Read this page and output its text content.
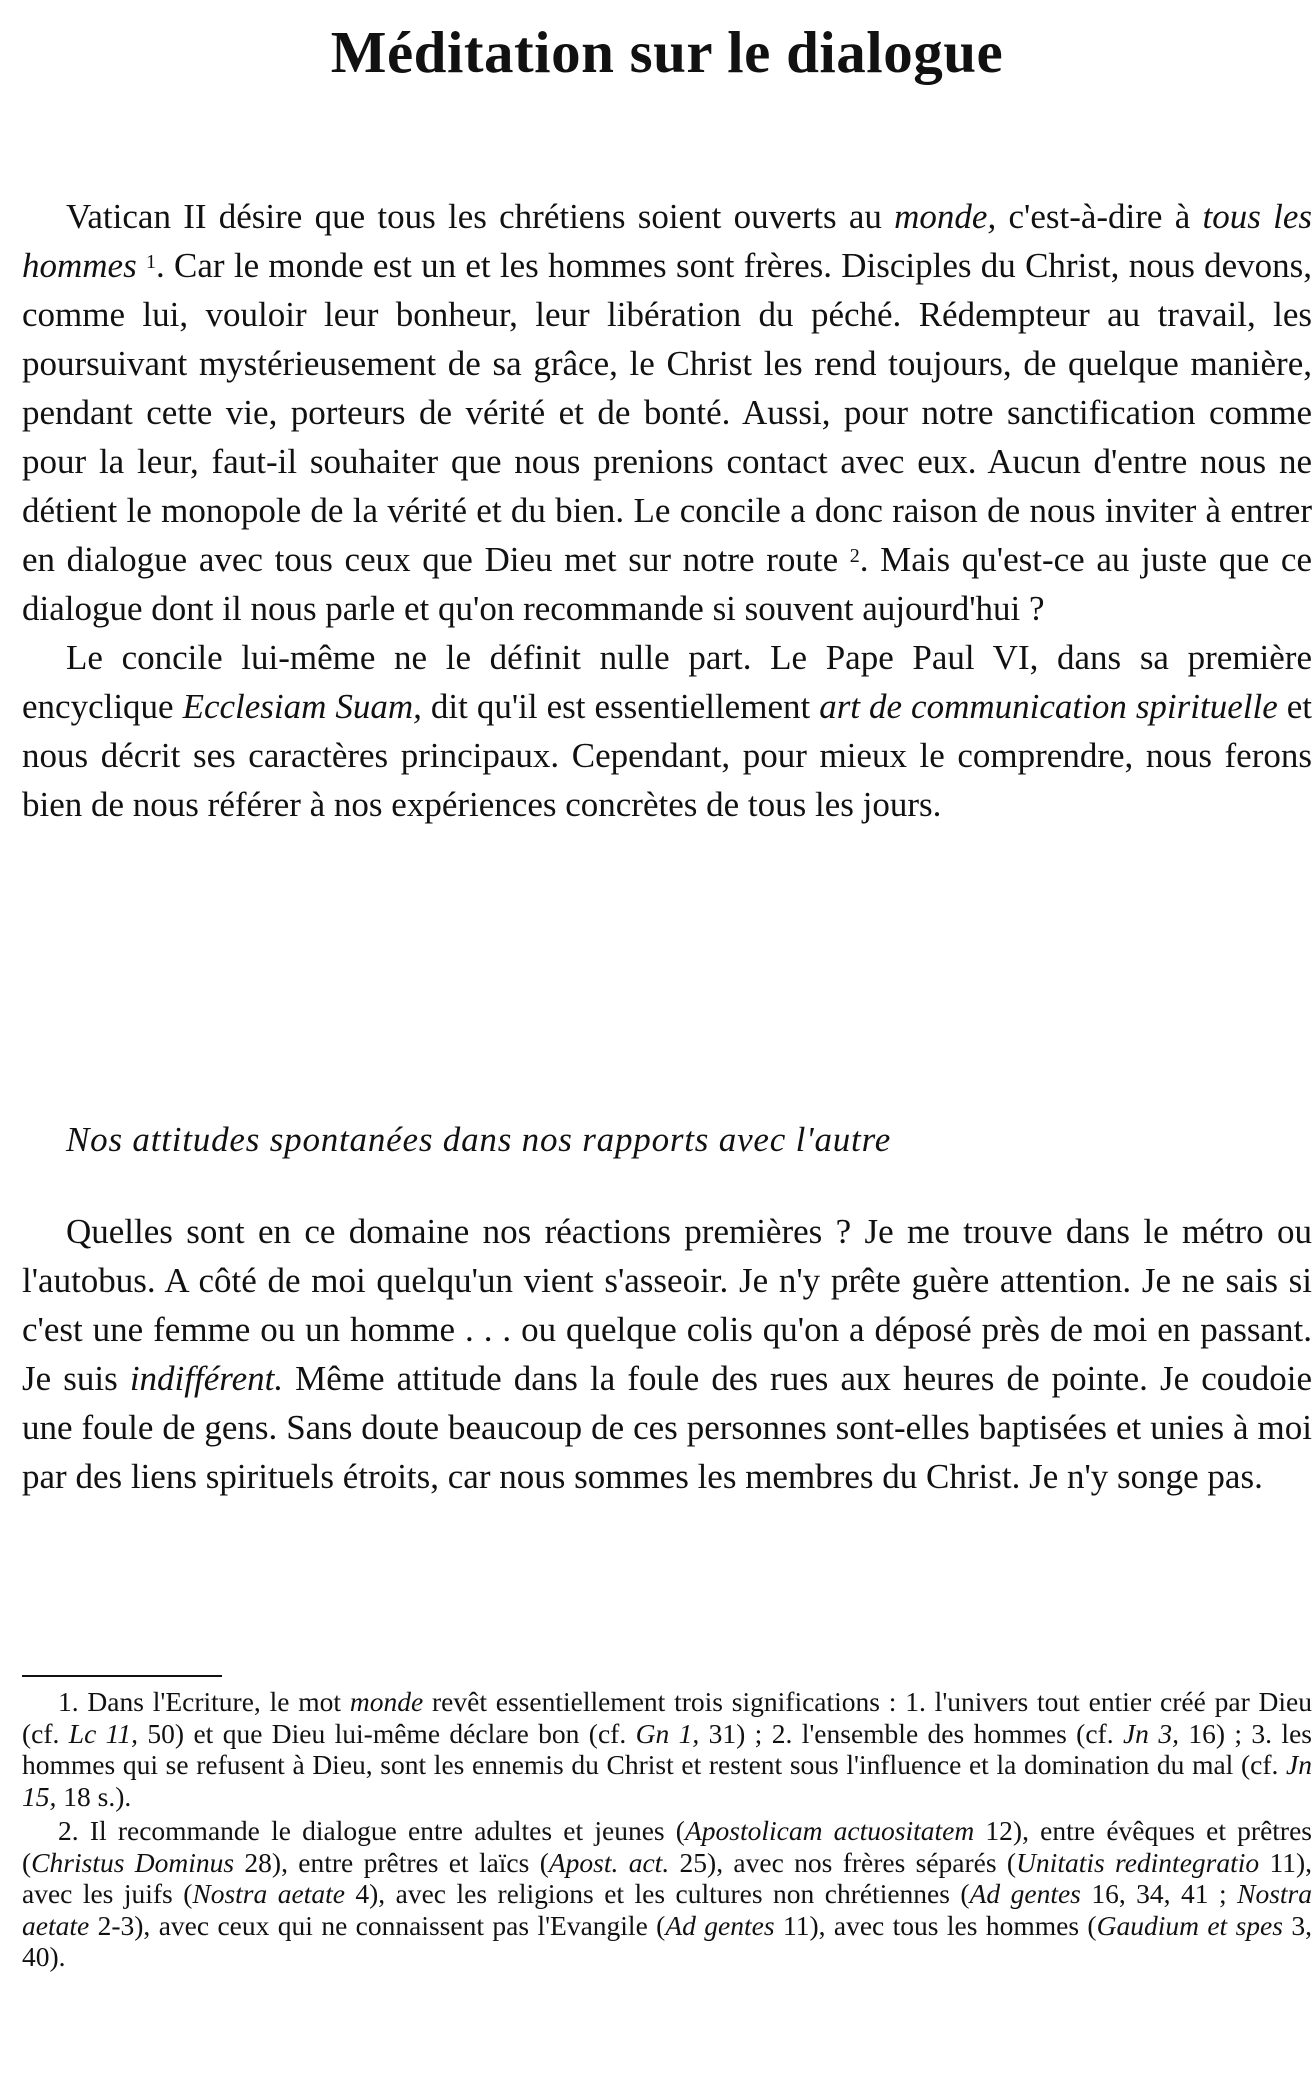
Méditation sur le dialogue

Vatican II désire que tous les chrétiens soient ouverts au monde, c'est-à-dire à tous les hommes $^1$. Car le monde est un et les hommes sont frères. Disciples du Christ, nous devons, comme lui, vouloir leur bonheur, leur libération du péché. Rédempteur au travail, les poursuivant mystérieusement de sa grâce, le Christ les rend toujours, de quelque manière, pendant cette vie, porteurs de vérité et de bonté. Aussi, pour notre sanctification comme pour la leur, faut-il souhaiter que nous prenions contact avec eux. Aucun d'entre nous ne détient le monopole de la vérité et du bien. Le concile a donc raison de nous inviter à entrer en dialogue avec tous ceux que Dieu met sur notre route $^2$. Mais qu'est-ce au juste que ce dialogue dont il nous parle et qu'on recommande si souvent aujourd'hui ?

Le concile lui-même ne le définit nulle part. Le Pape Paul VI, dans sa première encyclique Ecclesiam Suam, dit qu'il est essentiellement art de communication spirituelle et nous décrit ses caractères principaux. Cependant, pour mieux le comprendre, nous ferons bien de nous référer à nos expériences concrètes de tous les jours.

Nos attitudes spontanées dans nos rapports avec l'autre

Quelles sont en ce domaine nos réactions premières ? Je me trouve dans le métro ou l'autobus. A côté de moi quelqu'un vient s'asseoir. Je n'y prête guère attention. Je ne sais si c'est une femme ou un homme . . . ou quelque colis qu'on a déposé près de moi en passant. Je suis indifférent. Même attitude dans la foule des rues aux heures de pointe. Je coudoie une foule de gens. Sans doute beaucoup de ces personnes sont-elles baptisées et unies à moi par des liens spirituels étroits, car nous sommes les membres du Christ. Je n'y songe pas.

1. Dans l'Ecriture, le mot monde revêt essentiellement trois significations : 1. l'univers tout entier créé par Dieu (cf. Lc 11, 50) et que Dieu lui-même déclare bon (cf. Gn 1, 31) ; 2. l'ensemble des hommes (cf. Jn 3, 16) ; 3. les hommes qui se refusent à Dieu, sont les ennemis du Christ et restent sous l'influence et la domination du mal (cf. Jn 15, 18 s.).

2. Il recommande le dialogue entre adultes et jeunes (Apostolicam actuositatem 12), entre évêques et prêtres (Christus Dominus 28), entre prêtres et laïcs (Apost. act. 25), avec nos frères séparés (Unitatis redintegratio 11), avec les juifs (Nostra aetate 4), avec les religions et les cultures non chrétiennes (Ad gentes 16, 34, 41 ; Nostra aetate 2-3), avec ceux qui ne connaissent pas l'Evangile (Ad gentes 11), avec tous les hommes (Gaudium et spes 3, 40).
